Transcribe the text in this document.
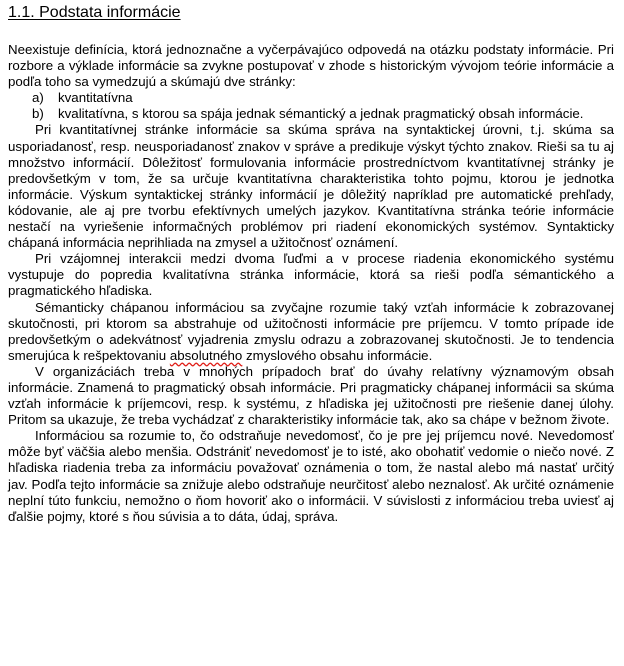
1.1. Podstata informácie

Neexistuje definícia, ktorá jednoznačne a vyčerpávajúco odpovedá na otázku podstaty informácie. Pri rozbore a výklade informácie sa zvykne postupovať v zhode s historickým vývojom teórie informácie a podľa toho sa vymedzujú a skúmajú dve stránky:

a)	kvantitatívna
b)	kvalitatívna, s ktorou sa spája jednak sémantický a jednak pragmatický obsah informácie.

Pri kvantitatívnej stránke informácie sa skúma správa na syntaktickej úrovni, t.j. skúma sa usporiadanosť, resp. neusporiadanosť znakov v správe a predikuje výskyt týchto znakov. Rieši sa tu aj množstvo informácií. Dôležitosť formulovania informácie prostredníctvom kvantitatívnej stránky je predovšetkým v tom, že sa určuje kvantitatívna charakteristika tohto pojmu, ktorou je jednotka informácie. Výskum syntaktickej stránky informácií je dôležitý napríklad pre automatické prehľady, kódovanie, ale aj pre tvorbu efektívnych umelých jazykov. Kvantitatívna stránka teórie informácie nestačí na vyriešenie informačných problémov pri riadení ekonomických systémov. Syntakticky chápaná informácia neprihliada na zmysel a užitočnosť oznámení.

Pri vzájomnej interakcii medzi dvoma ľuďmi a v procese riadenia ekonomického systému vystupuje do popredia kvalitatívna stránka informácie, ktorá sa rieši podľa sémantického a pragmatického hľadiska.

Sémanticky chápanou informáciou sa zvyčajne rozumie taký vzťah informácie k zobrazovanej skutočnosti, pri ktorom sa abstrahuje od užitočnosti informácie pre príjemcu. V tomto prípade ide predovšetkým o adekvátnosť vyjadrenia zmyslu odrazu a zobrazovanej skutočnosti. Je to tendencia smerujúca k rešpektovaniu absolutného zmyslového obsahu informácie.

V organizáciách treba v mnohých prípadoch brať do úvahy relatívny významovým obsah informácie. Znamená to pragmatický obsah informácie. Pri pragmaticky chápanej informácii sa skúma vzťah informácie k príjemcovi, resp. k systému, z hľadiska jej užitočnosti pre riešenie danej úlohy. Pritom sa ukazuje, že treba vychádzať z charakteristiky informácie tak, ako sa chápe v bežnom živote.

Informáciou sa rozumie to, čo odstraňuje nevedomosť, čo je pre jej príjemcu nové. Nevedomosť môže byť väčšia alebo menšia. Odstrániť nevedomosť je to isté, ako obohatiť vedomie o niečo nové. Z hľadiska riadenia treba za informáciu považovať oznámenia o tom, že nastal alebo má nastať určitý jav. Podľa tejto informácie sa znižuje alebo odstraňuje neurčitosť alebo neznalosť. Ak určité oznámenie neplní túto funkciu, nemožno o ňom hovoriť ako o informácii. V súvislosti z informáciou treba uviesť aj ďalšie pojmy, ktoré s ňou súvisia a to dáta, údaj, správa.
